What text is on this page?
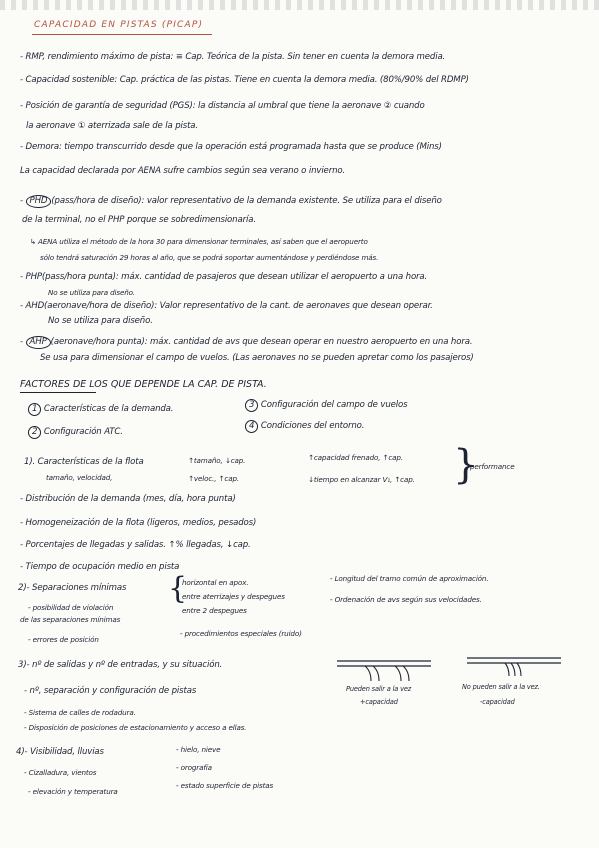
CAPACIDAD EN PISTAS (PICAP)
- RMP, rendimiento máximo de pista: ≡ Cap. Teórica de la pista. Sin tener en cuenta la demora media.
- Capacidad sostenible: Cap. práctica de las pistas. Tiene en cuenta la demora media. (80%/90% del RDMP)
- Posición de garantía de seguridad (PGS): la distancia al umbral que tiene la aeronave ② cuando
la aeronave ① aterrizada sale de la pista.
- Demora: tiempo transcurrido desde que la operación está programada hasta que se produce (Mins)
La capacidad declarada por AENA sufre cambios según sea verano o invierno.
- PHD (pass/hora de diseño): valor representativo de la demanda existente. Se utiliza para el diseño
de la terminal, no el PHP porque se sobredimensionaría.
↳ AENA utiliza el método de la hora 30 para dimensionar terminales, así saben que el aeropuerto
sólo tendrá saturación 29 horas al año, que se podrá soportar aumentándose y perdiéndose más.
- PHP(pass/hora punta): máx. cantidad de pasajeros que desean utilizar el aeropuerto a una hora.
No se utiliza para diseño.
- AHD(aeronave/hora de diseño): Valor representativo de la cant. de aeronaves que desean operar.
No se utiliza para diseño.
- AHP (aeronave/hora punta): máx. cantidad de avs que desean operar en nuestro aeropuerto en una hora.
Se usa para dimensionar el campo de vuelos. (Las aeronaves no se pueden apretar como los pasajeros)
FACTORES DE LOS QUE DEPENDE LA CAP. DE PISTA.
1 Características de la demanda.
2 Configuración ATC.
3 Configuración del campo de vuelos
4 Condiciones del entorno.
1). Características de la flota
tamaño, velocidad,
↑tamaño, ↓cap.
↑veloc., ↑cap.
↑capacidad frenado, ↑cap.
↓tiempo en alcanzar V₁, ↑cap. }
performance
- Distribución de la demanda (mes, día, hora punta)
- Homogeneización de la flota (ligeros, medios, pesados)
- Porcentajes de llegadas y salidas. ↑% llegadas, ↓cap.
- Tiempo de ocupación medio en pista
2)- Separaciones mínimas {
horizontal en apox.
entre aterrizajes y despegues
entre 2 despegues
- Longitud del tramo común de aproximación.
- Ordenación de avs según sus velocidades.
- posibilidad de violación
de las separaciones mínimas
- errores de posición
- procedimientos especiales (ruido)
3)- nº de salidas y nº de entradas, y su situación.
- nº, separación y configuración de pistas
- Sistema de calles de rodadura.
- Disposición de posiciones de estacionamiento y acceso a ellas.
Pueden salir a la vez
+capacidad
No pueden salir a la vez.
-capacidad
4)- Visibilidad, lluvias
- Cizalladura, vientos
- elevación y temperatura
- hielo, nieve
- orografía
- estado superficie de pistas
